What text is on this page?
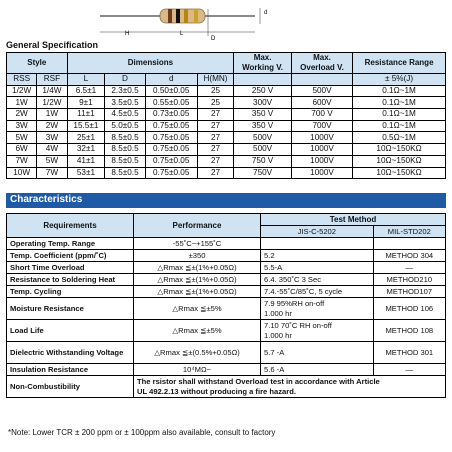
d
H	L
D
General Specification
Style		Dimensions				Max.
Working V.	Max.
Overload V.	Resistance Range
RSS	RSF	L	D	d	H(MN)			± 5%(J)
1/2W	1/4W	6.5±1	2.3±0.5	0.50±0.05	25	250 V	500V	0.1Ω~1M
1W	1/2W	9±1	3.5±0.5	0.55±0.05	25	300V	600V	0.1Ω~1M
2W	1W	11±1	4.5±0.5	0.73±0.05	27	350 V	700 V	0.1Ω~1M
3W	2W	15.5±1	5.0±0.5	0.75±0.05	27	350 V	700V	0.1Ω~1M
5W	3W	25±1	8.5±0.5	0.75±0.05	27	500V	1000V	0.5Ω~1M
6W	4W	32±1	8.5±0.5	0.75±0.05	27	500V	1000V	10Ω~150KΩ
7W	5W	41±1	8.5±0.5	0.75±0.05	27	750 V	1000V	10Ω~150KΩ
10W	7W	53±1	8.5±0.5	0.75±0.05	27	750V	1000V	10Ω~150KΩ
Characteristics
Requirements	Performance	Test Method	
		JIS-C-5202	MIL-STD202
Operating Temp. Range	-55˚C~+155˚C		
Temp. Coefficient (ppm/˚C)	±350	5.2	METHOD 304
Short Time Overload	△Rmax ≦±(1%+0.05Ω)	5.5-A	—
Resistance to Soldering Heat	△Rmax ≦±(1%+0.05Ω)	6.4. 350˚C 3 Sec	METHOD210
Temp. Cycling	△Rmax ≦±(1%+0.05Ω)	7.4.-55˚C/85˚C, 5 cycle	METHOD107
Moisture Resistance	△Rmax ≦±5%	7.9 95%RH on-off
1.000 hr	METHOD 106
Load Life	△Rmax ≦±5%	7.10 70˚C RH on-off
1.000 hr	METHOD 108
Dielectric Withstanding Voltage	△Rmax ≦±(0.5%+0.05Ω)	5.7 -A	METHOD 301
Insulation Resistance	10⁴MΩ~	5.6 -A	—
Non-Combustibility	The rsistor shall withstand Overload test in accordance with Article
UL 492.2.13 without producing a fire hazard.		
*Note: Lower TCR ± 200 ppm or ± 100ppm also available, consult to factory
